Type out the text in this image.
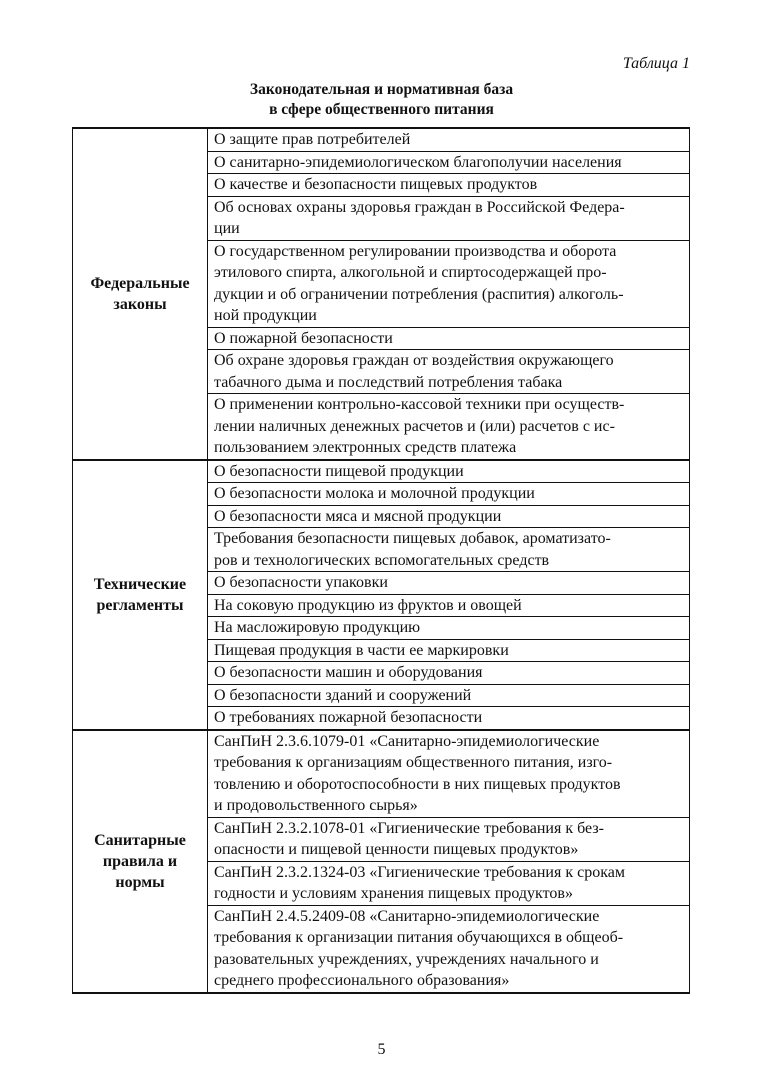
Таблица 1
Законодательная и нормативная база
в сфере общественного питания
Федеральные
законы	О защите прав потребителей

	О санитарно-эпидемиологическом благополучии населения

	О качестве и безопасности пищевых продуктов

	Об основах охраны здоровья граждан в Российской Федера-
ции

	О государственном регулировании производства и оборота
этилового спирта, алкогольной и спиртосодержащей про-
дукции и об ограничении потребления (распития) алкоголь-
ной продукции

	О пожарной безопасности

	Об охране здоровья граждан от воздействия окружающего
табачного дыма и последствий потребления табака

	О применении контрольно-кассовой техники при осуществ-
лении наличных денежных расчетов и (или) расчетов с ис-
пользованием электронных средств платежа

Технические
регламенты	О безопасности пищевой продукции

	О безопасности молока и молочной продукции

	О безопасности мяса и мясной продукции

	Требования безопасности пищевых добавок, ароматизато-
ров и технологических вспомогательных средств

	О безопасности упаковки

	На соковую продукцию из фруктов и овощей

	На масложировую продукцию

	Пищевая продукция в части ее маркировки

	О безопасности машин и оборудования

	О безопасности зданий и сооружений

	О требованиях пожарной безопасности

Санитарные
правила и
нормы	СанПиН 2.3.6.1079-01 «Санитарно-эпидемиологические
требования к организациям общественного питания, изго-
товлению и оборотоспособности в них пищевых продуктов
и продовольственного сырья»

	СанПиН 2.3.2.1078-01 «Гигиенические требования к без-
опасности и пищевой ценности пищевых продуктов»

	СанПиН 2.3.2.1324-03 «Гигиенические требования к срокам
годности и условиям хранения пищевых продуктов»

	СанПиН 2.4.5.2409-08 «Санитарно-эпидемиологические
требования к организации питания обучающихся в общеоб-
разовательных учреждениях, учреждениях начального и
среднего профессионального образования»
5
